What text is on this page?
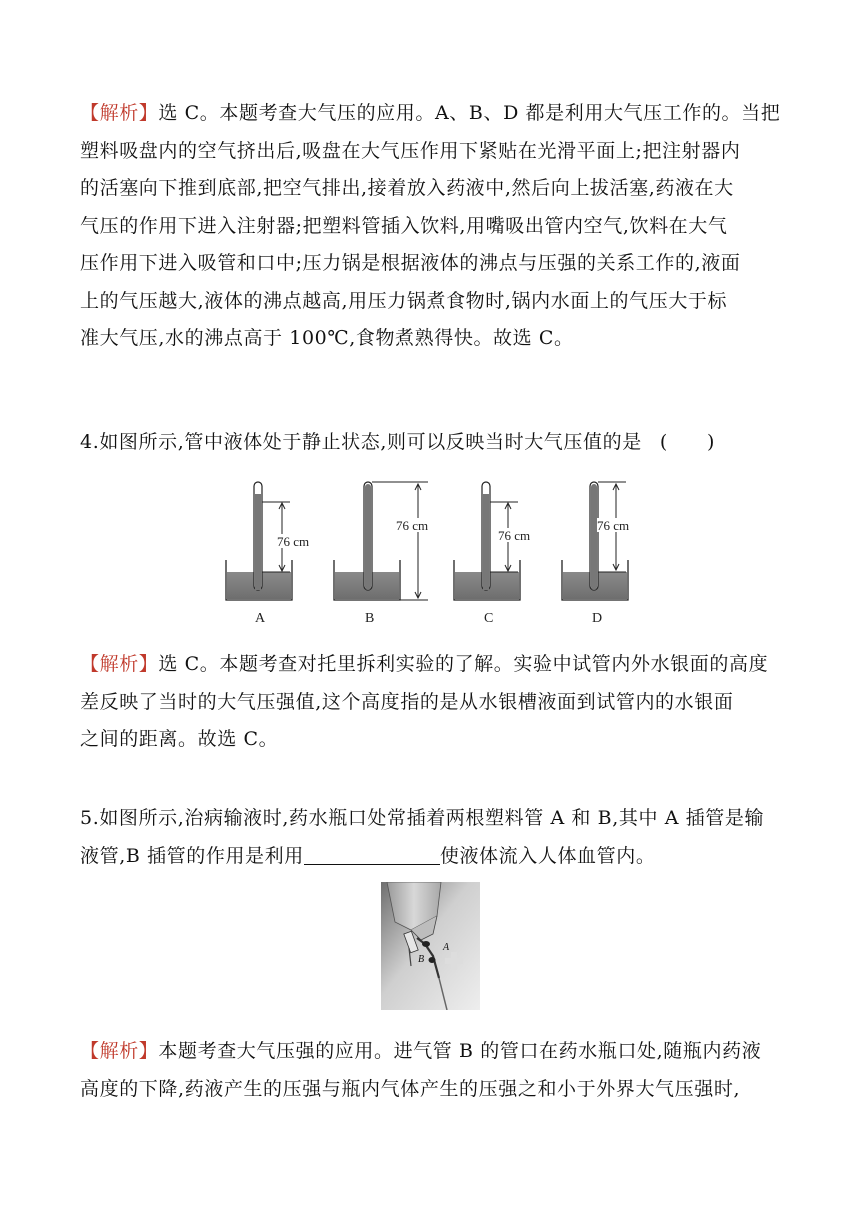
【解析】选 C。本题考查大气压的应用。A、B、D 都是利用大气压工作的。当把
塑料吸盘内的空气挤出后,吸盘在大气压作用下紧贴在光滑平面上;把注射器内
的活塞向下推到底部,把空气排出,接着放入药液中,然后向上拔活塞,药液在大
气压的作用下进入注射器;把塑料管插入饮料,用嘴吸出管内空气,饮料在大气
压作用下进入吸管和口中;压力锅是根据液体的沸点与压强的关系工作的,液面
上的气压越大,液体的沸点越高,用压力锅煮食物时,锅内水面上的气压大于标
准大气压,水的沸点高于 100℃,食物煮熟得快。故选 C。
4.如图所示,管中液体处于静止状态,则可以反映当时大气压值的是 (　　)
76 cm
A
76 cm
B
76 cm
C
76 cm
D
【解析】选 C。本题考查对托里拆利实验的了解。实验中试管内外水银面的高度
差反映了当时的大气压强值,这个高度指的是从水银槽液面到试管内的水银面
之间的距离。故选 C。
5.如图所示,治病输液时,药水瓶口处常插着两根塑料管 A 和 B,其中 A 插管是输
液管,B 插管的作用是利用	使液体流入人体血管内。
A
B
【解析】本题考查大气压强的应用。进气管 B 的管口在药水瓶口处,随瓶内药液
高度的下降,药液产生的压强与瓶内气体产生的压强之和小于外界大气压强时,
